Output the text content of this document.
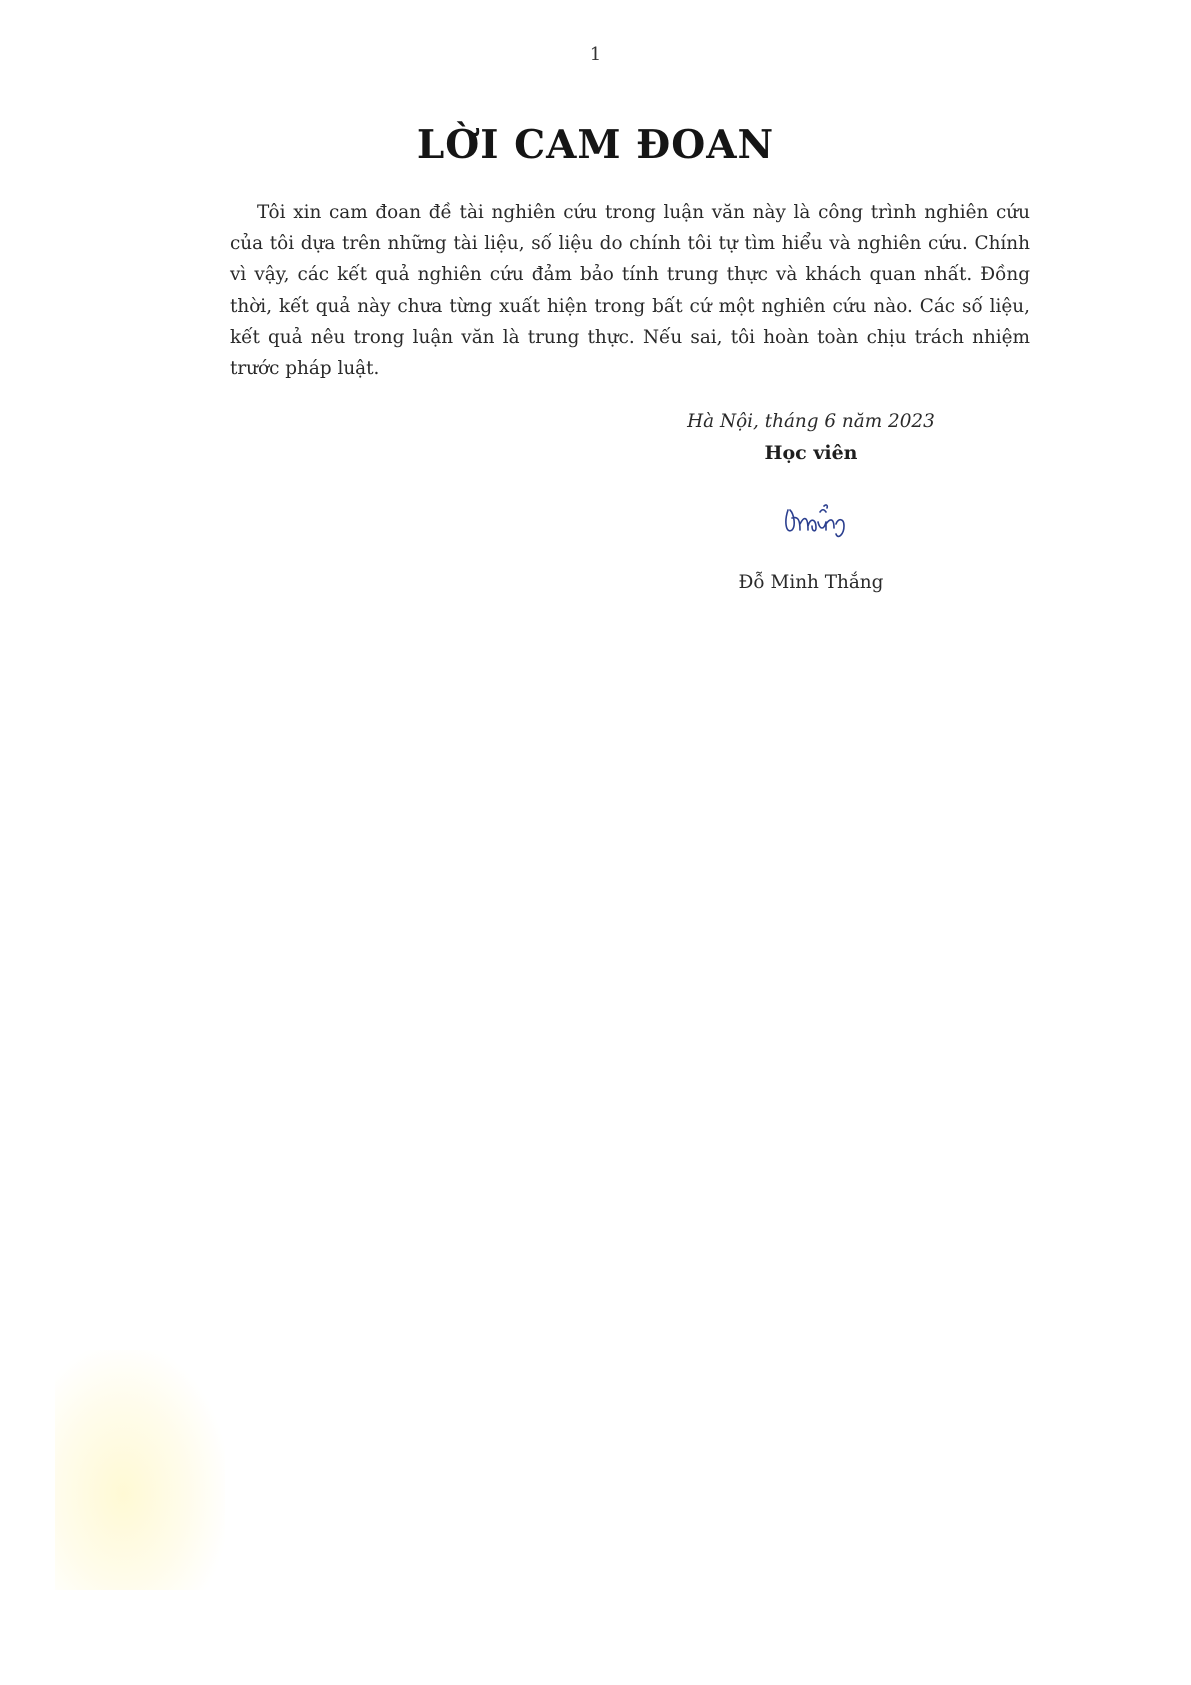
1
LỜI CAM ĐOAN

Tôi xin cam đoan đề tài nghiên cứu trong luận văn này là công trình nghiên cứu của tôi dựa trên những tài liệu, số liệu do chính tôi tự tìm hiểu và nghiên cứu. Chính vì vậy, các kết quả nghiên cứu đảm bảo tính trung thực và khách quan nhất. Đồng thời, kết quả này chưa từng xuất hiện trong bất cứ một nghiên cứu nào. Các số liệu, kết quả nêu trong luận văn là trung thực. Nếu sai, tôi hoàn toàn chịu trách nhiệm trước pháp luật.

Hà Nội, tháng 6 năm 2023
Học viên
Đỗ Minh Thắng
